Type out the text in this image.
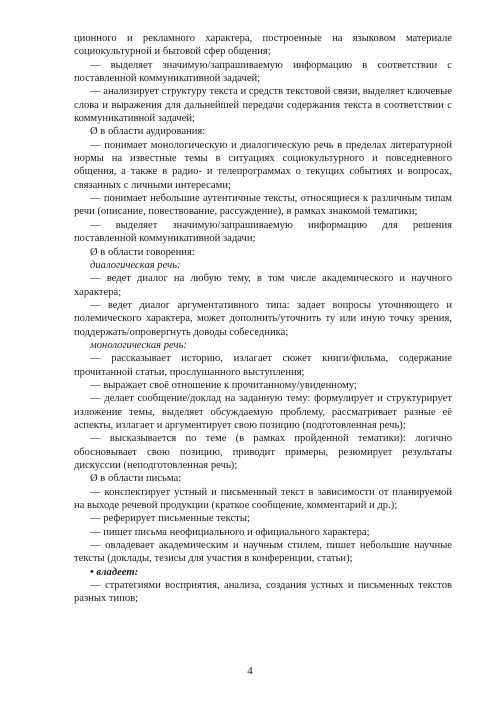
ционного и рекламного характера, построенные на языковом материале социокультурной и бытовой сфер общения;

— выделяет значимую/запрашиваемую информацию в соответствии с поставленной коммуникативной задачей;

— анализирует структуру текста и средств текстовой связи, выделяет ключевые слова и выражения для дальнейшей передачи содержания текста в соответствии с коммуникативной задачей;

Ø в области аудирования:

— понимает монологическую и диалогическую речь в пределах литературной нормы на известные темы в ситуациях социокультурного и повседневного общения, а также в радио- и телепрограммах о текущих событиях и вопросах, связанных с личными интересами;

— понимает небольшие аутентичные тексты, относящиеся к различным типам речи (описание, повествование, рассуждение), в рамках знакомой тематики;

— выделяет значимую/запрашиваемую информацию для решения поставленной коммуникативной задачи;

Ø в области говорения:

диалогическая речь:

— ведет диалог на любую тему, в том числе академического и научного характера;

— ведет диалог аргументативного типа: задает вопросы уточняющего и полемического характера, может дополнить/уточнить ту или иную точку зрения, поддержать/опровергнуть доводы собеседника;

монологическая речь:

— рассказывает историю, излагает сюжет книги/фильма, содержание прочитанной статьи, прослушанного выступления;

— выражает своё отношение к прочитанному/увиденному;

— делает сообщение/доклад на заданную тему: формулирует и структурирует изложение темы, выделяет обсуждаемую проблему, рассматривает разные её аспекты, излагает и аргументирует свою позицию (подготовленная речь);

— высказывается по теме (в рамках пройденной тематики): логично обосновывает свою позицию, приводит примеры, резюмирует результаты дискуссии (неподготовленная речь);

Ø в области письма:

— конспектирует устный и письменный текст в зависимости от планируемой на выходе речевой продукции (краткое сообщение, комментарий и др.);

— реферирует письменные тексты;

— пишет письма неофициального и официального характера;

— овладевает академическим и научным стилем, пишет небольшие научные тексты (доклады, тезисы для участия в конференции, статьи);

• владеет:

— стратегиями восприятия, анализа, создания устных и письменных текстов разных типов;

4
